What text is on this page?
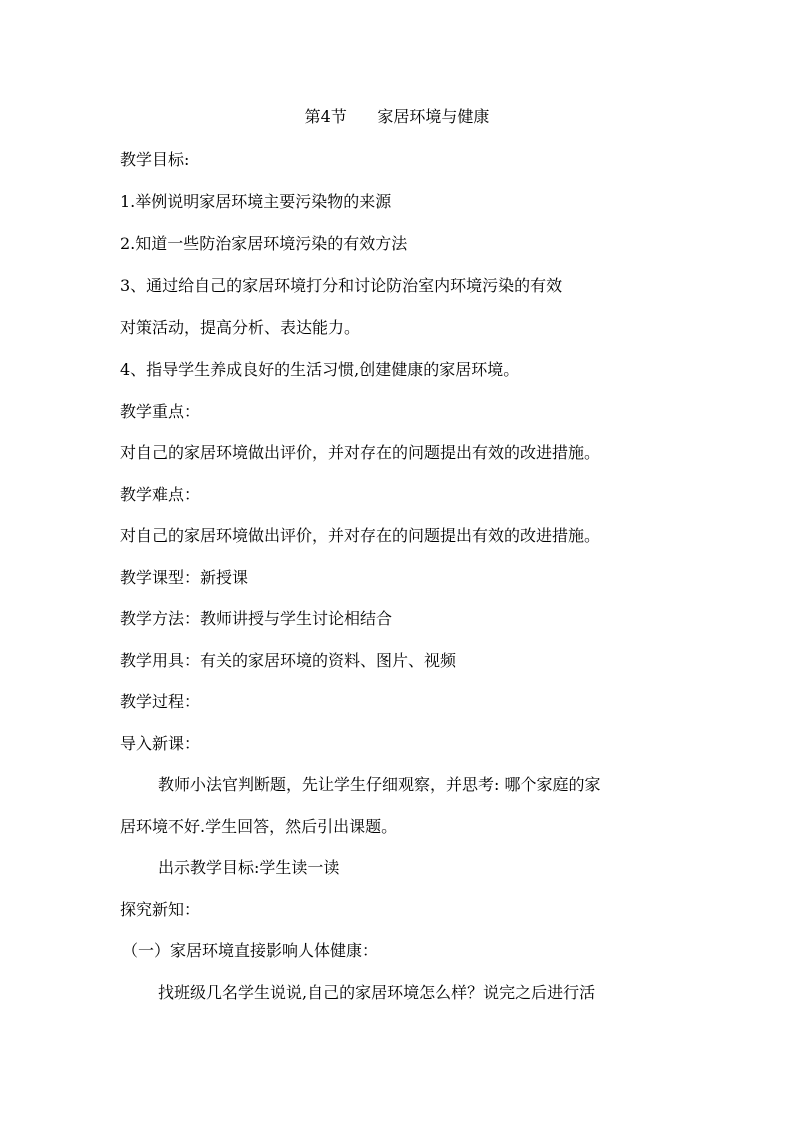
第4节      家居环境与健康
教学目标:
1.举例说明家居环境主要污染物的来源
2.知道一些防治家居环境污染的有效方法
3、通过给自己的家居环境打分和讨论防治室内环境污染的有效
对策活动，提高分析、表达能力。
4、指导学生养成良好的生活习惯,创建健康的家居环境。
教学重点：
对自己的家居环境做出评价，并对存在的问题提出有效的改进措施。
教学难点：
对自己的家居环境做出评价，并对存在的问题提出有效的改进措施。
教学课型：新授课
教学方法：教师讲授与学生讨论相结合
教学用具：有关的家居环境的资料、图片、视频
教学过程：
导入新课：
教师小法官判断题，先让学生仔细观察，并思考: 哪个家庭的家
居环境不好.学生回答，然后引出课题。
出示教学目标:学生读一读
探究新知：
（一）家居环境直接影响人体健康：
找班级几名学生说说,自己的家居环境怎么样？说完之后进行活
